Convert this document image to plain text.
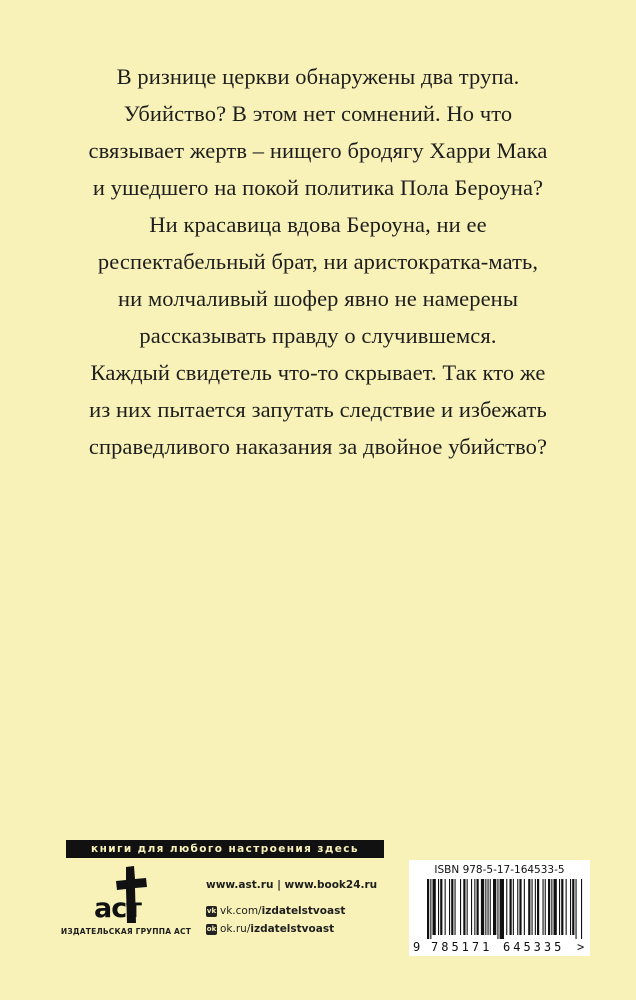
В ризнице церкви обнаружены два трупа.
Убийство? В этом нет сомнений. Но что
связывает жертв – нищего бродягу Харри Мака
и ушедшего на покой политика Пола Бероуна?
Ни красавица вдова Бероуна, ни ее
респектабельный брат, ни аристократка-мать,
ни молчаливый шофер явно не намерены
рассказывать правду о случившемся.
Каждый свидетель что-то скрывает. Так кто же
из них пытается запутать следствие и избежать
справедливого наказания за двойное убийство?
книги для любого настроения здесь
аст
ИЗДАТЕЛЬСКАЯ ГРУППА АСТ
www.ast.ru | www.book24.ru
vk vk.com/ izdatelstvoast
ok ok.ru/ izdatelstvoast
ISBN 978-5-17-164533-5
9 785171 645335 >
